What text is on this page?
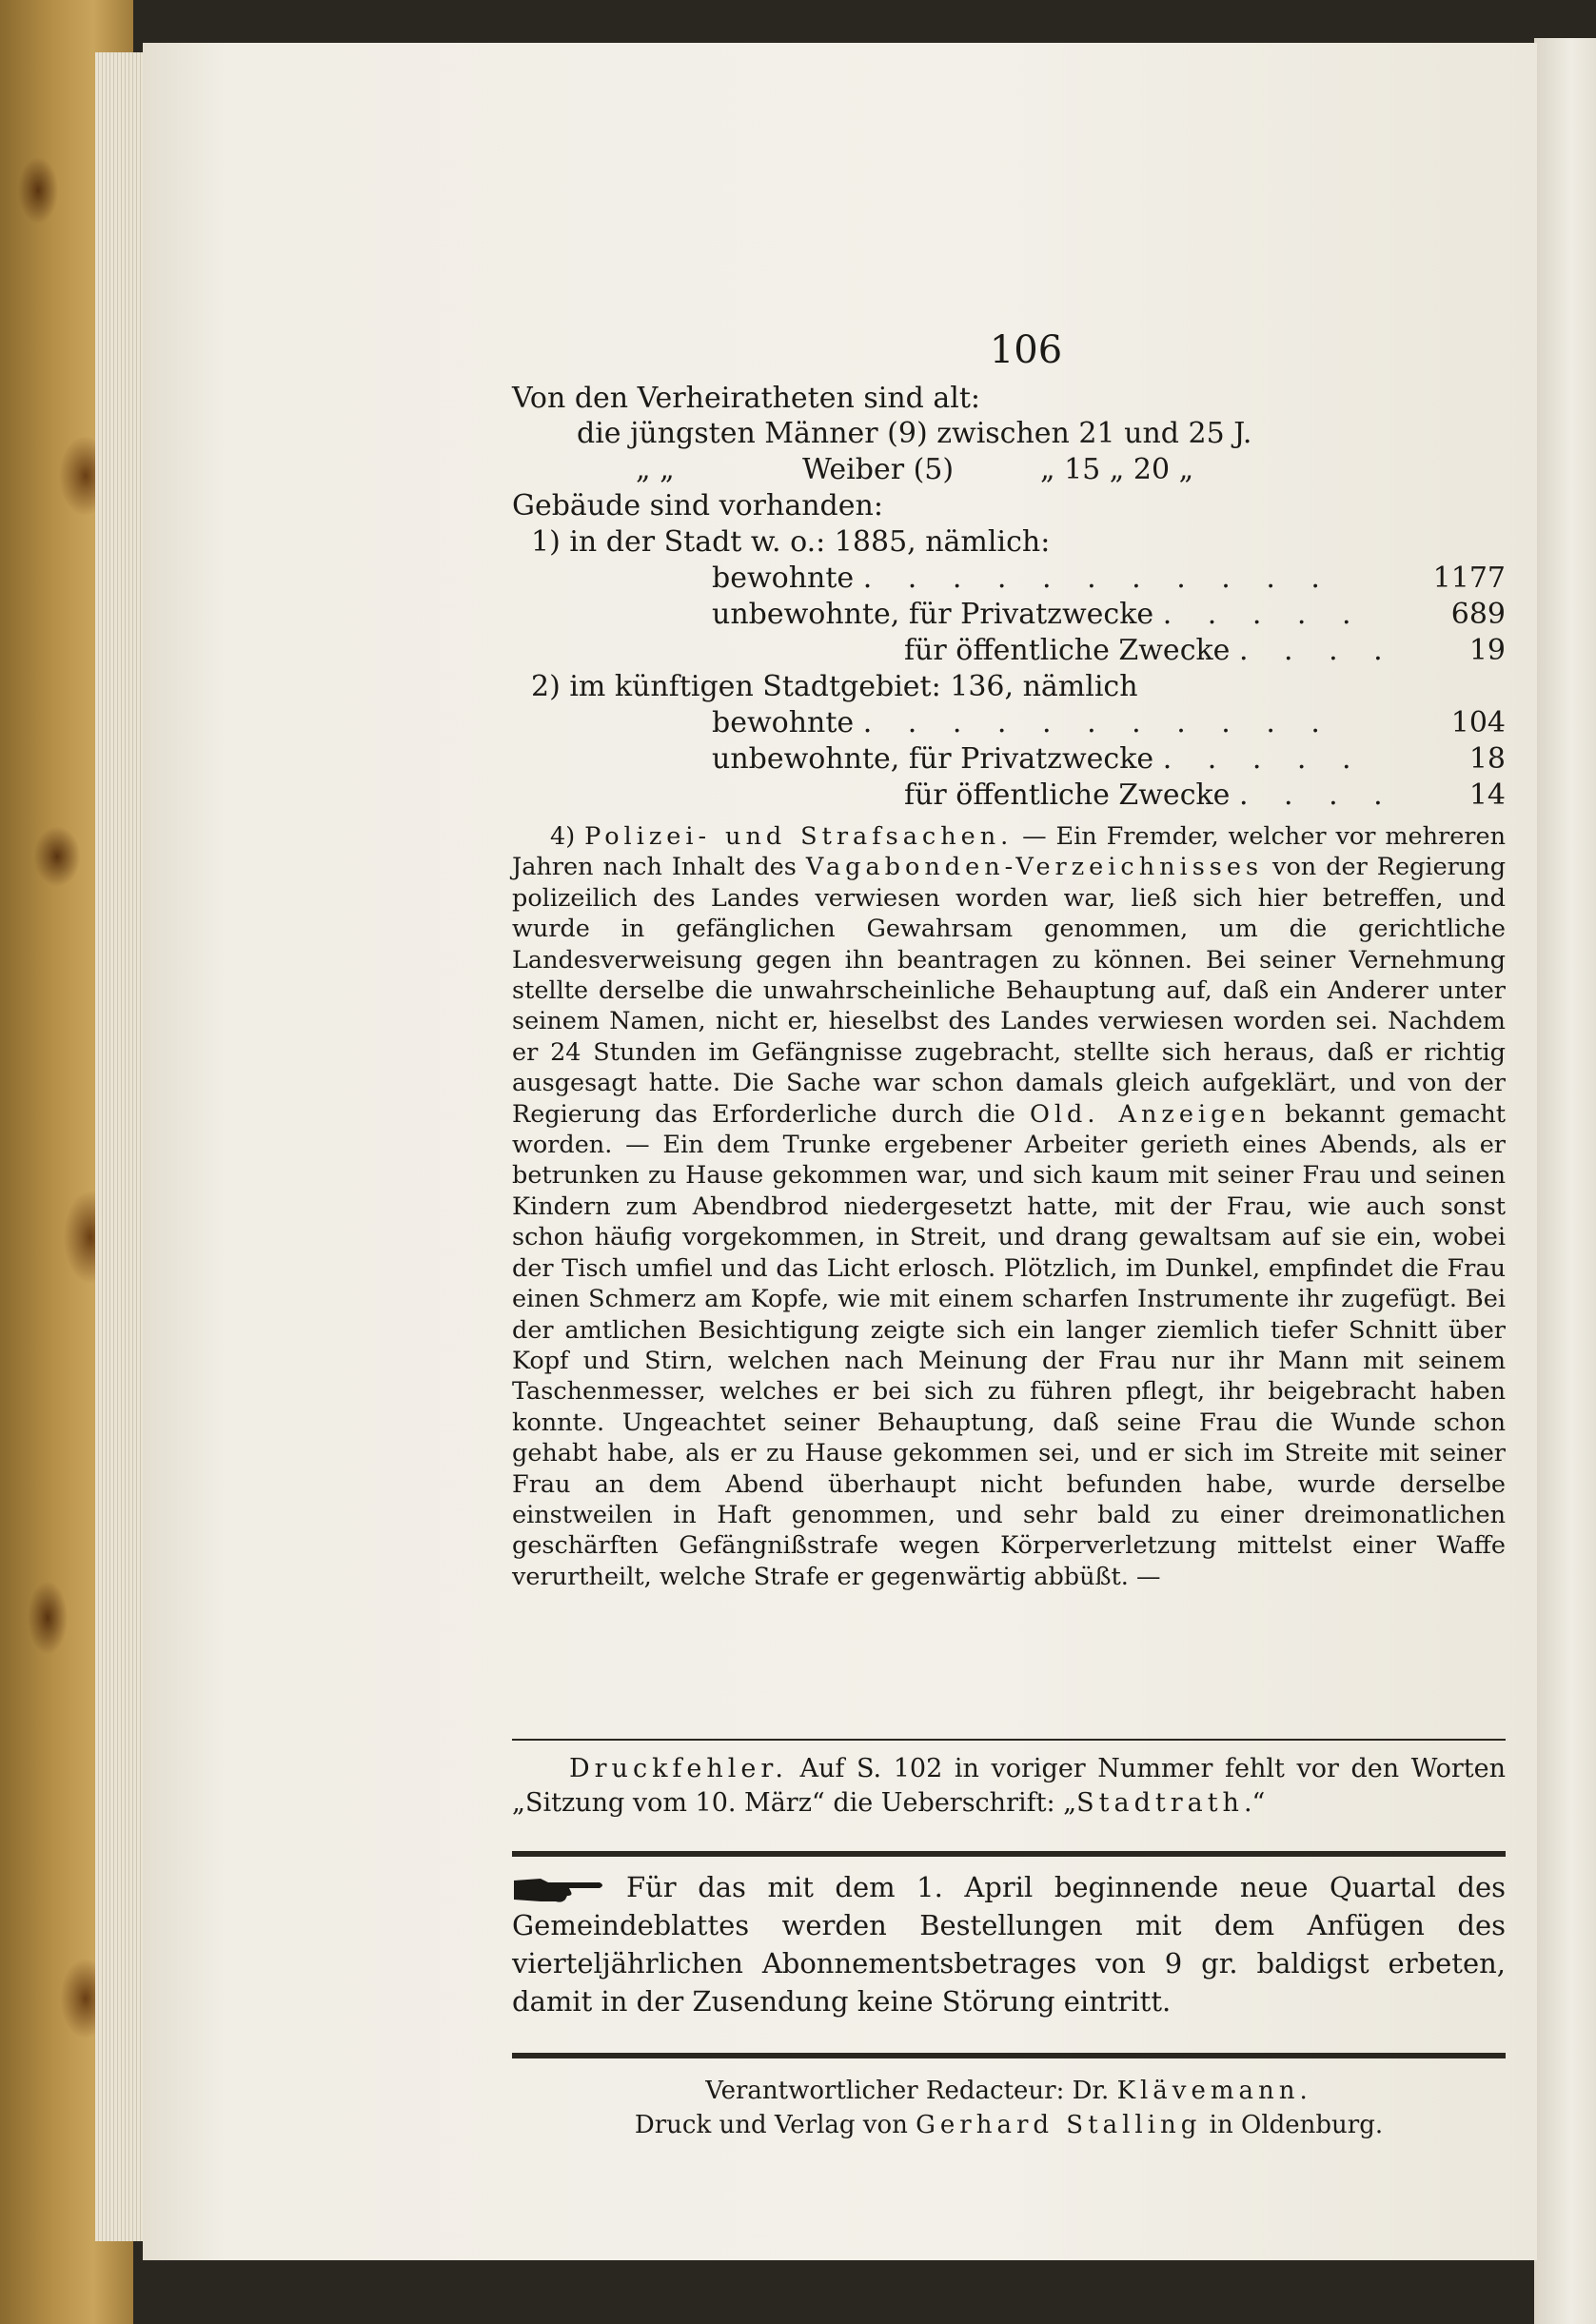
106
Von den Verheiratheten sind alt:
die jüngsten Männer (9) zwischen 21 und 25 J.
„ „	Weiber (5)	„ 15 „ 20 „
Gebäude sind vorhanden:
1) in der Stadt w. o.: 1885, nämlich:
bewohnte . . . . . . . . . . .	1177
unbewohnte, für Privatzwecke . . . . .	689
für öffentliche Zwecke . . . .	19
2) im künftigen Stadtgebiet: 136, nämlich
bewohnte . . . . . . . . . . .	104
unbewohnte, für Privatzwecke . . . . .	18
für öffentliche Zwecke . . . .	14

4) Polizei- und Strafsachen. — Ein Fremder, welcher vor mehreren Jahren nach Inhalt des Vagabonden-Verzeichnisses von der Regierung polizeilich des Landes verwiesen worden war, ließ sich hier betreffen, und wurde in gefänglichen Gewahrsam genommen, um die gerichtliche Landesverweisung gegen ihn beantragen zu können. Bei seiner Vernehmung stellte derselbe die unwahrscheinliche Behauptung auf, daß ein Anderer unter seinem Namen, nicht er, hieselbst des Landes verwiesen worden sei. Nachdem er 24 Stunden im Gefängnisse zugebracht, stellte sich heraus, daß er richtig ausgesagt hatte. Die Sache war schon damals gleich aufgeklärt, und von der Regierung das Erforderliche durch die Old. Anzeigen bekannt gemacht worden. — Ein dem Trunke ergebener Arbeiter gerieth eines Abends, als er betrunken zu Hause gekommen war, und sich kaum mit seiner Frau und seinen Kindern zum Abendbrod niedergesetzt hatte, mit der Frau, wie auch sonst schon häufig vorgekommen, in Streit, und drang gewaltsam auf sie ein, wobei der Tisch umfiel und das Licht erlosch. Plötzlich, im Dunkel, empfindet die Frau einen Schmerz am Kopfe, wie mit einem scharfen Instrumente ihr zugefügt. Bei der amtlichen Besichtigung zeigte sich ein langer ziemlich tiefer Schnitt über Kopf und Stirn, welchen nach Meinung der Frau nur ihr Mann mit seinem Taschenmesser, welches er bei sich zu führen pflegt, ihr beigebracht haben konnte. Ungeachtet seiner Behauptung, daß seine Frau die Wunde schon gehabt habe, als er zu Hause gekommen sei, und er sich im Streite mit seiner Frau an dem Abend überhaupt nicht befunden habe, wurde derselbe einstweilen in Haft genommen, und sehr bald zu einer dreimonatlichen geschärften Gefängnißstrafe wegen Körperverletzung mittelst einer Waffe verurtheilt, welche Strafe er gegenwärtig abbüßt. —

Druckfehler. Auf S. 102 in voriger Nummer fehlt vor den Worten „Sitzung vom 10. März“ die Ueberschrift: „Stadtrath.“

Für das mit dem 1. April beginnende neue Quartal des Gemeindeblattes werden Bestellungen mit dem Anfügen des vierteljährlichen Abonnementsbetrages von 9 gr. baldigst erbeten, damit in der Zusendung keine Störung eintritt.
Verantwortlicher Redacteur: Dr. Klävemann.
Druck und Verlag von Gerhard Stalling in Oldenburg.
